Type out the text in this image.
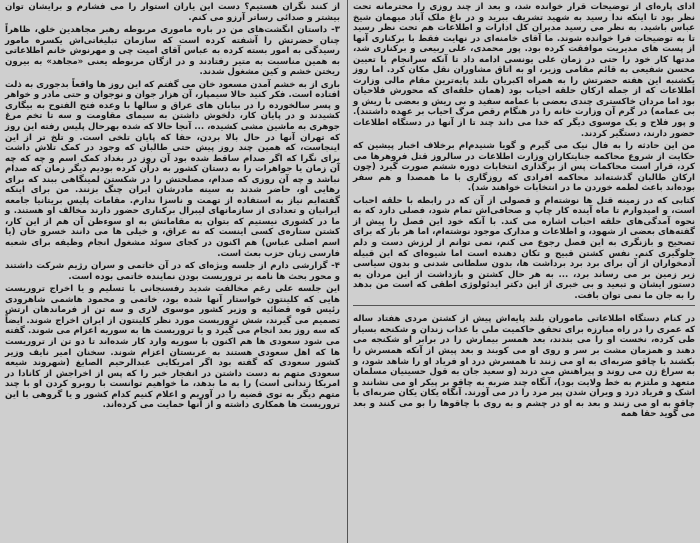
ادای پاره‌ای از توضیحات قرار خوانده شد، و بعد از چند روزی را محترمانه تحت نظر بود تا اینکه ندا رسید به شهید تشریف ببرید و در باغ ملک آباد میهمان شیخ عباس باشید. به نظر می رسید مدیران کل ادارات و اطلاعات هم تحت نظر رسید تا به توضیحات فرا خوانده شوند. ما آقای خامنه‌ای در نهایت فقط با برکناری آنها از پست های مدیریت موافقت کرده بود. پور محمدی، علی ربیعی و برکناری شد، مدتها کار خود را حتی در زمان علی یونسی ادامه داد تا آنکه سرانجام با تعیین محسن شفیعی به قائم مقامی وزیر، او به اتاق مشاوران نقل مکان کرد. اما روز یکشنبه این هفته حضرتش را به همراه اکبریان بلند پایه‌ترین مقام مالی وزارت اطلاعات که از جمله ارکان حلقه احیاب بود (همان حلقه‌ای که محورش فلاحیان بود اما مردان خاکستری چندی بعضی با عمامه سفید و بی ریش و بعضی با ریش و بی عمامه) در گرم آن وزارت خانه را در هنگام رقص مرگ احیاب بر عهده داشتند). و پور فلاح و یک موسوی دیگر که خدا می داند چند تا از آنها در دستگاه اطلاعات حضور دارند، دستگیر کردند.

من این حادثه را به فال نیک می گیرم و گویا شنیدم‌ام برخلاف اخبار پیشین که حکایت از شروع محاکمه جنایتکاران وزارت اطلاعات در سالروز قتل فروهرها می کرد، قرار است محاکمات پس از برگذاری انتخابات دوره ششم صورت گیرد (چون ارکان طالبان گذشته‌اند محاکمه افرادی که روزگاری با ما همصدا و هم سفر بوده‌اند باعث لطمه خوردن ما در انتخابات خواهند شد).

کتابی که در زمینه قتل ها نوشته‌ام و فصولی از آن که در رابطه با حلقه احباب است، و امیدوارم تا ماه آینده کار چاپ و صحافی‌اش تمام شود، فصلی دارد که به نحوه آمدگی‌های حلقه احباب اشاره می کند. با آنکه خود این فصل را پیش از گفته‌های بعضی از شهود، و اطلاعات و مدارک موجود نوشته‌ام، اما هر بار که برای تصحیح و بازنگری به این فصل رجوع می کنم، نمی توانم از لرزش دست و دلم جلوگیری کنم. نفس کشتن قبیح و تکان دهنده است اما شیوه‌ای که این قبیله آدمخواران از آن برای برد برد برداشت ها، بدون سلطانی شدنی و بدون سیاسی زیر زمین بر می رساند برد، ... به هر حال کشتن و بازداشت از این مردان به دستور ایشان و تبعید و بی خبری از این دکتر ایدئولوژی اطقی که است من بدهد را به جان ما نمی توان بافت.

در کنام دستگاه اطلاعاتی ماموران بلند پایه‌اش پیش از کشتن مردی هفتاد ساله که عمری را در راه مبارزه برای تحقق حاکمیت ملی با عذاب زندان و شکنجه بسیار طی کرده، نخست او را می بندند، بعد همسر بیمارش را در برابر او شکنجه می دهند و همزمان مشت بر سر و روی او می کوبند و بعد پیش از آنکه همسرش را بکشند با چاقو ضربه‌ای به او می زنند تا همسرش درد او فریاد او را شاهد شود، و به سراغ زن می روند و پیراهنش می درند (و سعید جان به قول حسینیان مسلمان متعهد و ملتزم به خط ولایت بود)، آنگاه چند ضربه به چاقو بر پیکر او می نشانند و اشک و فریاد درد و ویران شدن پیر مرد را در می آورند. آنگاه یکان یکان ضربه‌ای با چاقو به او می زنند و بعد به او در چشم و به روی با چاقوها را بو می کنند و بعد می گوید حقا همه

از کنند نگران هستیم؟ دست این یاران استوار را می فشارم و برایشان توان بیشتر و صدائی رساتر آرزو می کنم.

۳- داستان انگشت‌های من در باره ماموری مربوطه رهبر مجاهدین خلق، ظاهراً چنان حضرتش را آشفته کرده است که سازمان تبلیغاتی‌اش یکسره مامور رسیدگی به امور بسته کرده به عباس آقای امیت چی و مهرنوش خانم اطلاعاتی به همین مناسبت به متیر رفتادند و در ازگان مربوطه یعنی «مجاهد» به بیرون ریختن خشم و کین مشغول شدند.

باری از به خشم آمدن مسعود خان می گفتم که این روز ها واقعاً بدجوری به ذلت افتاده است. فکر کنید حالا سیمپار، آن هزار جوان و نوجوان و حتی مادر و خواهر و پسر سالخورده را در بیابان های عراق و سالها با وعده فتح الفتوح به بیگاری کشیدند و در پایان کار، دلخوش داشتن به سیمای مقاومت و سه تا تخم مرغ جوهری به ماشین مشی کشیده، ... آنجا حالا که شده بهرحال پلیس رفته این روز که تهران آنها در حال بالا بردن، حقا که پایان تلخی است. و تلخ تر از این اینجاست، که همین چند روز پیش حتی طالبان که وجود در کمک تلاش داشت برای نگرا که اگر صدام ساقط شده بود آن روز در بغداد کمک اسم و چه که چه آن زمان یا جواهرات را به دستان کشور به درآن کرده بودیم دیگر زمان که صدام نباشد و چه آن روزی که صدام، مصلحتش را در شکستن لمینگاهی ببند که برای رهایی او، حاضر شدند به سینه مادرشان ایران چنگ بزنند. من برای اینکه گفته‌ایم نیاز به استفاده از تهمت و ناسزا ندارم. مقامات پلیس بریتانیا جامعه ایرانیان و تعدادی از سازمانهای لیبرال برکناری حضور دارند مخالف او هستند. و ما در کشوری نیستیم که بتوان به مقاماتش به او سوءظن آن هم از این کار، کشتن ستاره‌ی کسی اینست که نه عراق، و خیلی ها می دانند خسرو خان (یا اسم اصلی عباس) هم اکنون در کجای سوئد مشغول انجام وظیفه برای شعبه فارسی زبان حزب بعث است.

۴- گزارشی دارم از جلسه ویژه‌ای که در آن خاتمی و سران رژیم شرکت داشتند و محور بحث ها نامه بر تروریست بودن نماینده خاتمی بوده است.

این جلسه علی رغم مخالفت شدید رفسنجانی با تسلیم و یا اخراج تروریست هایی که کلینتون خواستار آنها شده بود، خاتمی و محمود هاشمی شاهرودی رئیس قوه قضائیه و وزیر کشور موسوی لاری و سه تن از فرماندهان ارتش تصمیم می گیرند، شش تروریست مورد نظر کلینتون از ایران اخراج شوند. ایضاً که سه روز بعد انجام می گیرد و یا تروریست ها به سوریه اعزام می شوند. گفته می شود سعودی ها هم اکنون با سوریه وارد کار شده‌اند تا دو تن از تروریست ها که اهل سعودی هستند به عربستان اعزام شوند. سخنان امیر نایف وزیر کشور سعودی که گفته بود اگر امریکایی عبدالرحیم الصایغ (شهروند شیعه سعودی متهم به دست داشتن در انفجار خبر را که پس از اخراجش از کانادا در امریکا زندانی است) را به ما بدهد، ما خواهیم توانست با روبرو کردن او با چند متهم دیگر به توی قضیه را در آوریم و اعلام کنیم کدام کشور و یا گروهی با این تروریست ها همکاری داشته و از آنها حمایت می کرده‌اند.
